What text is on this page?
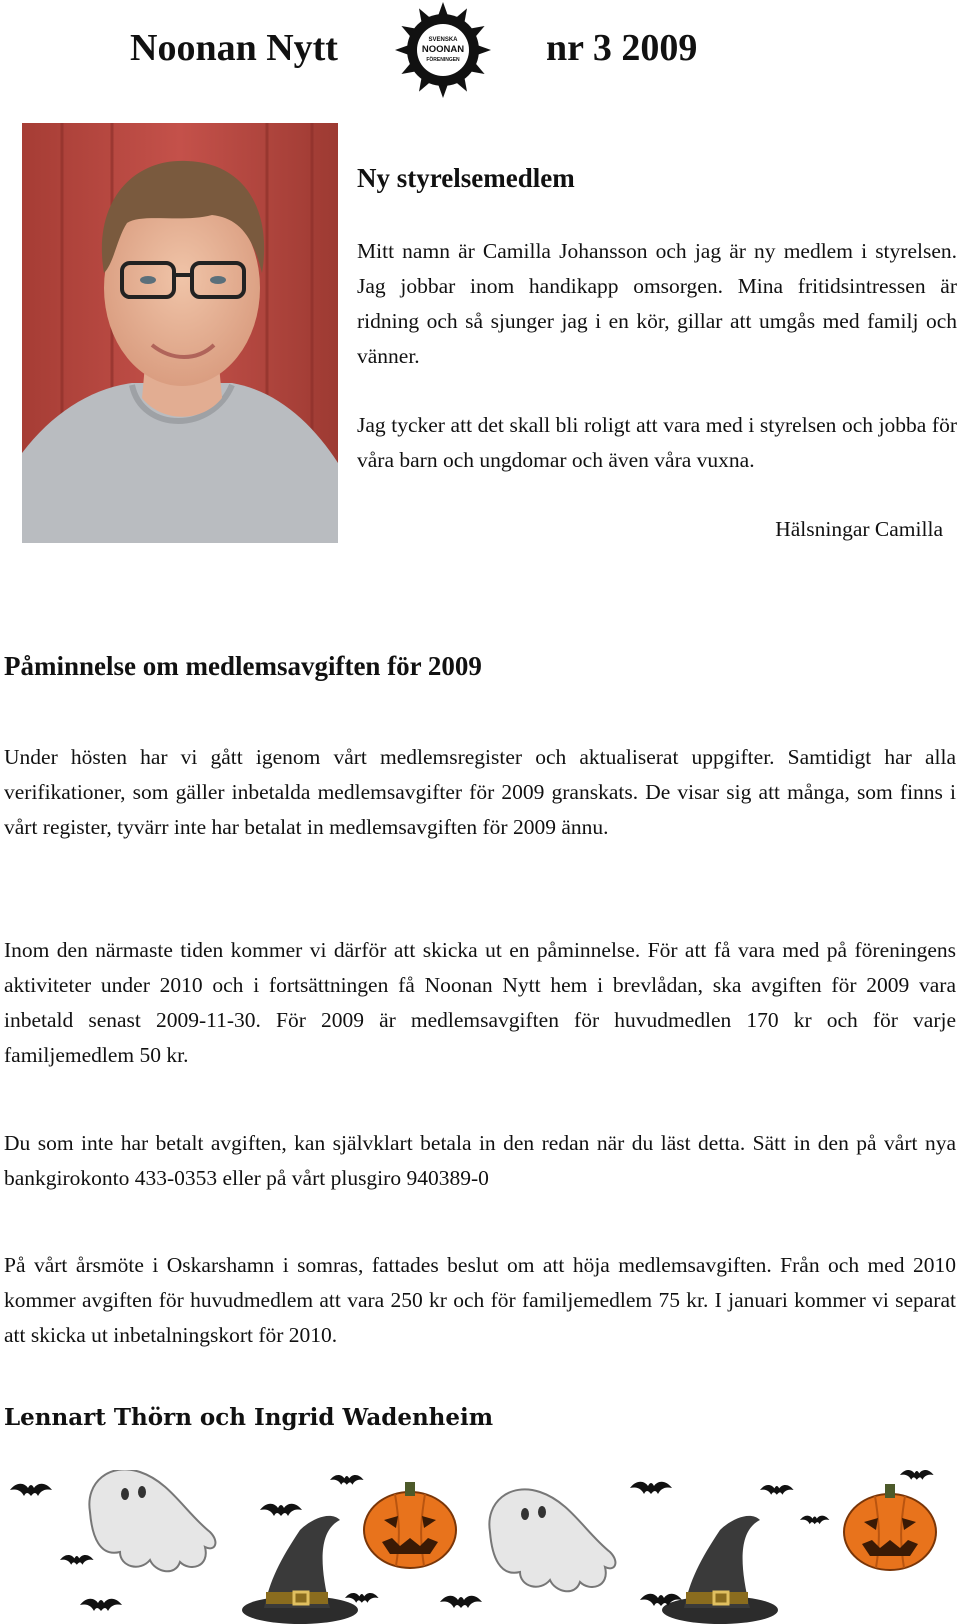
Noonan Nytt	SVENSKA
NOONAN
FÖRENINGEN nr 3 2009
Ny styrelsemedlem

Mitt namn är Camilla Johansson och jag är ny medlem i styrelsen. Jag jobbar inom handikapp omsorgen. Mina fritidsintressen är ridning och så sjunger jag i en kör, gillar att umgås med familj och vänner.

Jag tycker att det skall bli roligt att vara med i styrelsen och jobba för våra barn och ungdomar och även våra vuxna.

Hälsningar Camilla
Påminnelse om medlemsavgiften för 2009

Under hösten har vi gått igenom vårt medlemsregister och aktualiserat uppgifter. Samtidigt har alla verifikationer, som gäller inbetalda medlemsavgifter för 2009 granskats. De visar sig att många, som finns i vårt register, tyvärr inte har betalat in medlemsavgiften för 2009 ännu.

Inom den närmaste tiden kommer vi därför att skicka ut en påminnelse. För att få vara med på föreningens aktiviteter under 2010 och i fortsättningen få Noonan Nytt hem i brevlådan, ska avgiften för 2009 vara inbetald senast 2009-11-30. För 2009 är medlemsavgiften för huvudmedlen 170 kr och för varje familjemedlem 50 kr.

Du som inte har betalt avgiften, kan självklart betala in den redan när du läst detta. Sätt in den på vårt nya bankgirokonto 433-0353 eller på vårt plusgiro 940389-0

På vårt årsmöte i Oskarshamn i somras, fattades beslut om att höja medlemsavgiften. Från och med 2010 kommer avgiften för huvudmedlem att vara 250 kr och för familjemedlem 75 kr. I januari kommer vi separat att skicka ut inbetalningskort för 2010.

Lennart Thörn och Ingrid Wadenheim
